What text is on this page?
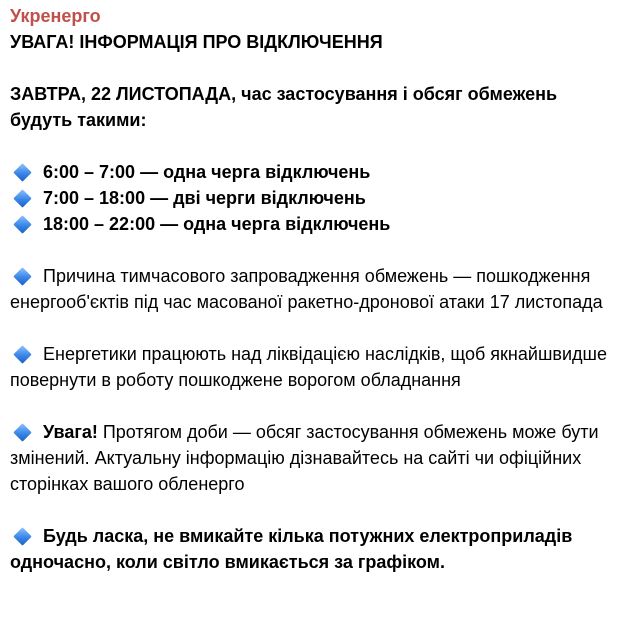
Укренерго
УВАГА! ІНФОРМАЦІЯ ПРО ВІДКЛЮЧЕННЯ
ЗАВТРА, 22 ЛИСТОПАДА, час застосування і обсяг обмежень
будуть такими:
6:00 – 7:00 — одна черга відключень
7:00 – 18:00 — дві черги відключень
18:00 – 22:00 — одна черга відключень
Причина тимчасового запровадження обмежень — пошкодження енергооб'єктів під час масованої ракетно-дронової атаки 17 листопада
Енергетики працюють над ліквідацією наслідків, щоб якнайшвидше повернути в роботу пошкоджене ворогом обладнання
Увага! Протягом доби — обсяг застосування обмежень може бути змінений. Актуальну інформацію дізнавайтесь на сайті чи офіційних сторінках вашого обленерго
Будь ласка, не вмикайте кілька потужних електроприладів одночасно, коли світло вмикається за графіком.
